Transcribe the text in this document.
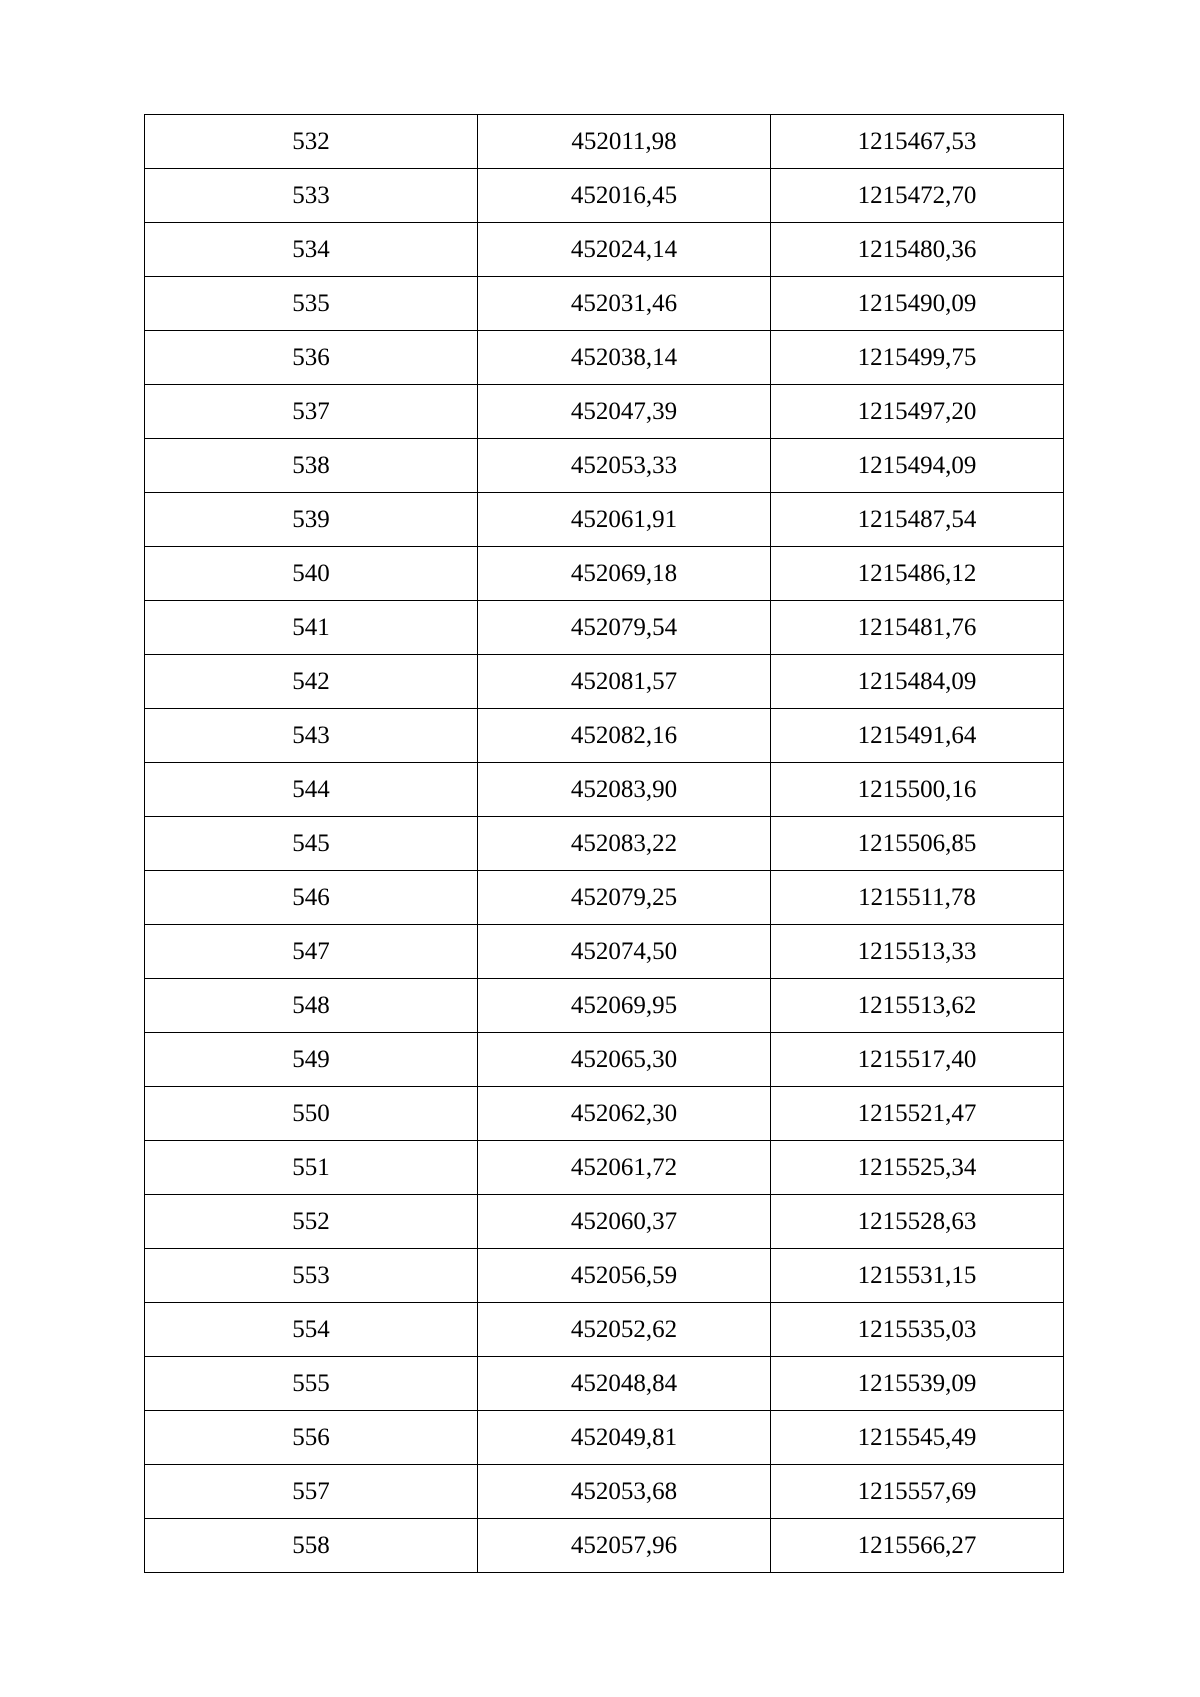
532	452011,98	1215467,53
533	452016,45	1215472,70
534	452024,14	1215480,36
535	452031,46	1215490,09
536	452038,14	1215499,75
537	452047,39	1215497,20
538	452053,33	1215494,09
539	452061,91	1215487,54
540	452069,18	1215486,12
541	452079,54	1215481,76
542	452081,57	1215484,09
543	452082,16	1215491,64
544	452083,90	1215500,16
545	452083,22	1215506,85
546	452079,25	1215511,78
547	452074,50	1215513,33
548	452069,95	1215513,62
549	452065,30	1215517,40
550	452062,30	1215521,47
551	452061,72	1215525,34
552	452060,37	1215528,63
553	452056,59	1215531,15
554	452052,62	1215535,03
555	452048,84	1215539,09
556	452049,81	1215545,49
557	452053,68	1215557,69
558	452057,96	1215566,27
